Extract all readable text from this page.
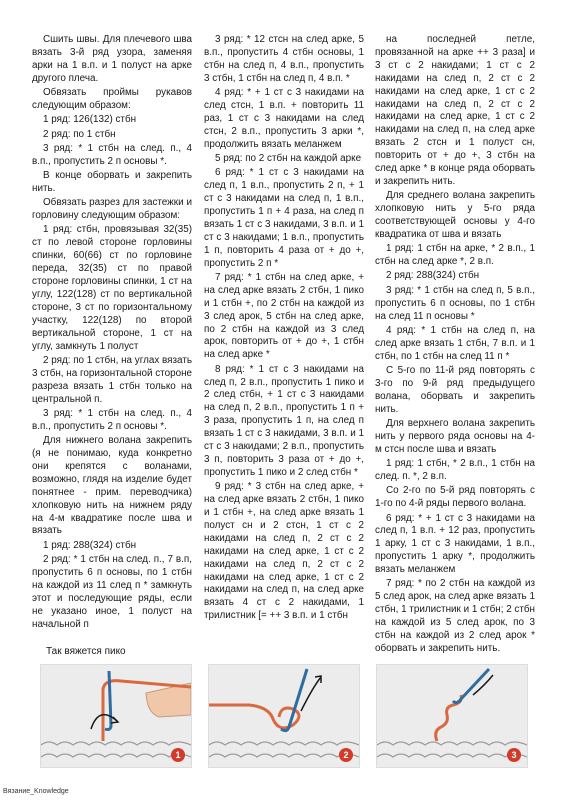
Сшить швы. Для плечевого шва вязать 3-й ряд узора, заменяя арки на 1 в.п. и 1 полуст на арке другого плеча.

Обвязать проймы рукавов следующим образом:

1 ряд: 126(132) стбн

2 ряд: по 1 стбн

3 ряд: * 1 стбн на след. п., 4 в.п., пропустить 2 п основы *.

В конце оборвать и закрепить нить.

Обвязать разрез для застежки и горловину следующим образом:

1 ряд: стбн, провязывая 32(35) ст по левой стороне горловины спинки, 60(66) ст по горловине переда, 32(35) ст по правой стороне горловины спинки, 1 ст на углу, 122(128) ст по вертикальной стороне, 3 ст по горизонтальному участку, 122(128) по второй вертикальной стороне, 1 ст на углу, замкнуть 1 полуст

2 ряд: по 1 стбн, на углах вязать 3 стбн, на горизонтальной стороне разреза вязать 1 стбн только на центральной п.

3 ряд: * 1 стбн на след. п., 4 в.п., пропустить 2 п основы *.

Для нижнего волана закрепить (я не понимаю, куда конкретно они крепятся с воланами, возможно, глядя на изделие будет понятнее - прим. переводчика) хлопковую нить на нижнем ряду на 4-м квадратике после шва и вязать

1 ряд: 288(324) стбн

2 ряд: * 1 стбн на след. п., 7 в.п, пропустить 6 п основы, по 1 стбн на каждой из 11 след п * замкнуть этот и последующие ряды, если не указано иное, 1 полуст на начальной п

3 ряд: * 12 стсн на след арке, 5 в.п., пропустить 4 стбн основы, 1 стбн на след п, 4 в.п., пропустить 3 стбн, 1 стбн на след п, 4 в.п. *

4 ряд: * + 1 ст с 3 накидами на след стсн, 1 в.п. + повторить 11 раз, 1 ст с 3 накидами на след стсн, 2 в.п., пропустить 3 арки *, продолжить вязать меланжем

5 ряд: по 2 стбн на каждой арке

6 ряд: * 1 ст с 3 накидами на след п, 1 в.п., пропустить 2 п, + 1 ст с 3 накидами на след п, 1 в.п., пропустить 1 п + 4 раза, на след п вязать 1 ст с 3 накидами, 3 в.п. и 1 ст с 3 накидами; 1 в.п., пропустить 1 п, повторить 4 раза от + до +, пропустить 2 п *

7 ряд: * 1 стбн на след арке, + на след арке вязать 2 стбн, 1 пико и 1 стбн +, по 2 стбн на каждой из 3 след арок, 5 стбн на след арке, по 2 стбн на каждой из 3 след арок, повторить от + до +, 1 стбн на след арке *

8 ряд: * 1 ст с 3 накидами на след п, 2 в.п., пропустить 1 пико и 2 след стбн, + 1 ст с 3 накидами на след п, 2 в.п., пропустить 1 п + 3 раза, пропустить 1 п, на след п вязать 1 ст с 3 накидами, 3 в.п. и 1 ст с 3 накидами; 2 в.п., пропустить 3 п, повторить 3 раза от + до +, пропустить 1 пико и 2 след стбн *

9 ряд: * 3 стбн на след арке, + на след арке вязать 2 стбн, 1 пико и 1 стбн +, на след арке вязать 1 полуст сн и 2 стсн, 1 ст с 2 накидами на след п, 2 ст с 2 накидами на след арке, 1 ст с 2 накидами на след п, 2 ст с 2 накидами на след арке, 1 ст с 2 накидами на след п, на след арке вязать 4 ст с 2 накидами, 1 трилистник [= ++ 3 в.п. и 1 стбн

на последней петле, провязанной на арке ++ 3 раза] и 3 ст с 2 накидами; 1 ст с 2 накидами на след п, 2 ст с 2 накидами на след арке, 1 ст с 2 накидами на след п, 2 ст с 2 накидами на след арке, 1 ст с 2 накидами на след п, на след арке вязать 2 стсн и 1 полуст сн, повторить от + до +, 3 стбн на след арке * в конце ряда оборвать и закрепить нить.

Для среднего волана закрепить хлопковую нить у 5-го ряда соответствующей основы у 4-го квадратика от шва и вязать

1 ряд: 1 стбн на арке, * 2 в.п., 1 стбн на след арке *, 2 в.п.

2 ряд: 288(324) стбн

3 ряд: * 1 стбн на след п, 5 в.п., пропустить 6 п основы, по 1 стбн на след 11 п основы *

4 ряд: * 1 стбн на след п, на след арке вязать 1 стбн, 7 в.п. и 1 стбн, по 1 стбн на след 11 п *

С 5-го по 11-й ряд повторять с 3-го по 9-й ряд предыдущего волана, оборвать и закрепить нить.

Для верхнего волана закрепить нить у первого ряда основы на 4-м стсн после шва и вязать

1 ряд: 1 стбн, * 2 в.п., 1 стбн на след. п. *, 2 в.п.

Со 2-го по 5-й ряд повторять с 1-го по 4-й ряды первого волана.

6 ряд: * + 1 ст с 3 накидами на след п, 1 в.п. + 12 раз, пропустить 1 арку, 1 ст с 3 накидами, 1 в.п., пропустить 1 арку *, продолжить вязать меланжем

7 ряд: * по 2 стбн на каждой из 5 след арок, на след арке вязать 1 стбн, 1 трилистник и 1 стбн; 2 стбн на каждой из 5 след арок, по 3 стбн на каждой из 2 след арок * оборвать и закрепить нить.

Так вяжется пико
1	2	3
Вязание_Knowledge
